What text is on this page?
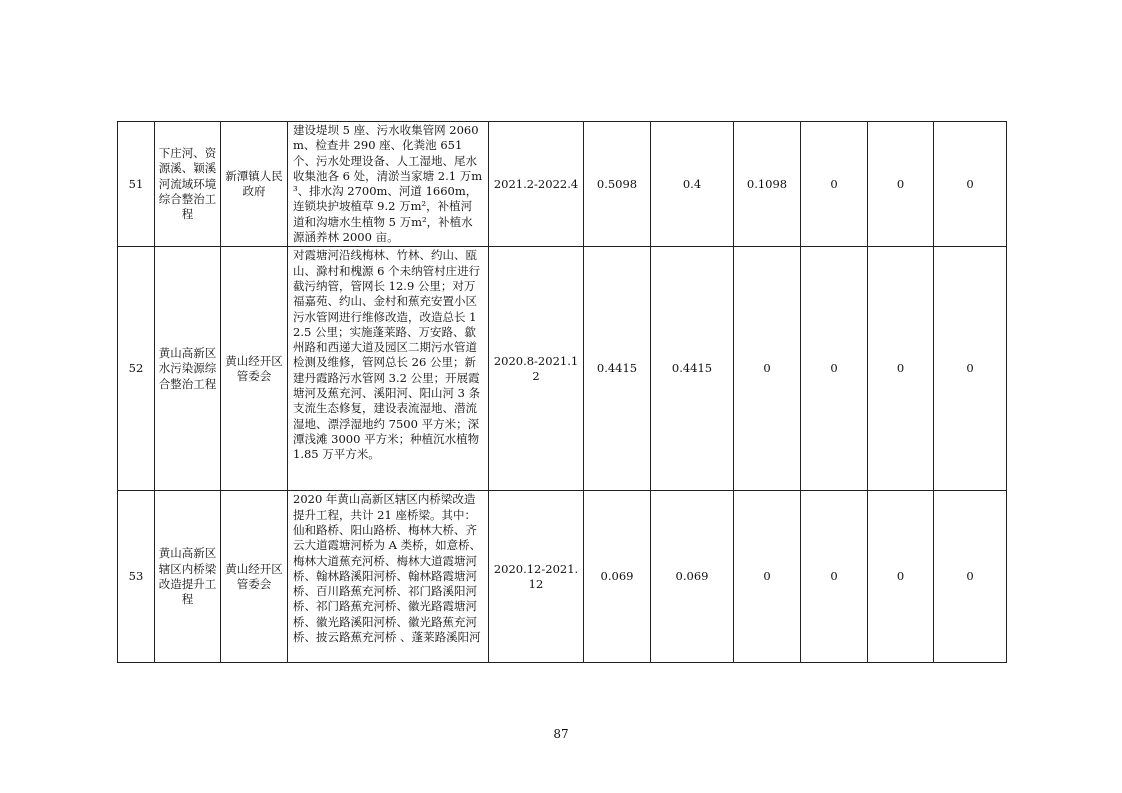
51	下庄河、资源溪、颖溪河流域环境综合整治工程	新潭镇人民政府	建设堤坝 5 座、污水收集管网 2060m、检查井 290 座、化粪池 651 个、污水处理设备、人工湿地、尾水收集池各 6 处，清淤当家塘 2.1 万m³、排水沟 2700m、河道 1660m，连锁块护坡植草 9.2 万m²，补植河道和沟塘水生植物 5 万m²，补植水源涵养林 2000 亩。	2021.2-2022.4	0.5098	0.4	0.1098	0	0	0
52	黄山高新区水污染源综合整治工程	黄山经开区管委会	对霞塘河沿线梅林、竹林、约山、瓯山、滁村和槐源 6 个未纳管村庄进行截污纳管，管网长 12.9 公里；对万福嘉苑、约山、金村和蕉充安置小区污水管网进行维修改造，改造总长 12.5 公里；实施蓬莱路、万安路、歙州路和西递大道及园区二期污水管道检测及维修，管网总长 26 公里；新建丹霞路污水管网 3.2 公里；开展霞塘河及蕉充河、溪阳河、阳山河 3 条支流生态修复，建设表流湿地、潜流湿地、漂浮湿地约 7500 平方米；深潭浅滩 3000 平方米；种植沉水植物 1.85 万平方米。	2020.8-2021.12	0.4415	0.4415	0	0	0	0
53	黄山高新区辖区内桥梁改造提升工程	黄山经开区管委会	2020 年黄山高新区辖区内桥梁改造提升工程，共计 21 座桥梁。其中：仙和路桥、阳山路桥、梅林大桥、齐云大道霞塘河桥为 A 类桥，如意桥、梅林大道蕉充河桥、梅林大道霞塘河桥、翰林路溪阳河桥、翰林路霞塘河桥、百川路蕉充河桥、祁门路溪阳河桥、祁门路蕉充河桥、徽光路霞塘河桥、徽光路溪阳河桥、徽光路蕉充河桥、披云路蕉充河桥 、蓬莱路溪阳河	2020.12-2021.12	0.069	0.069	0	0	0	0
87
